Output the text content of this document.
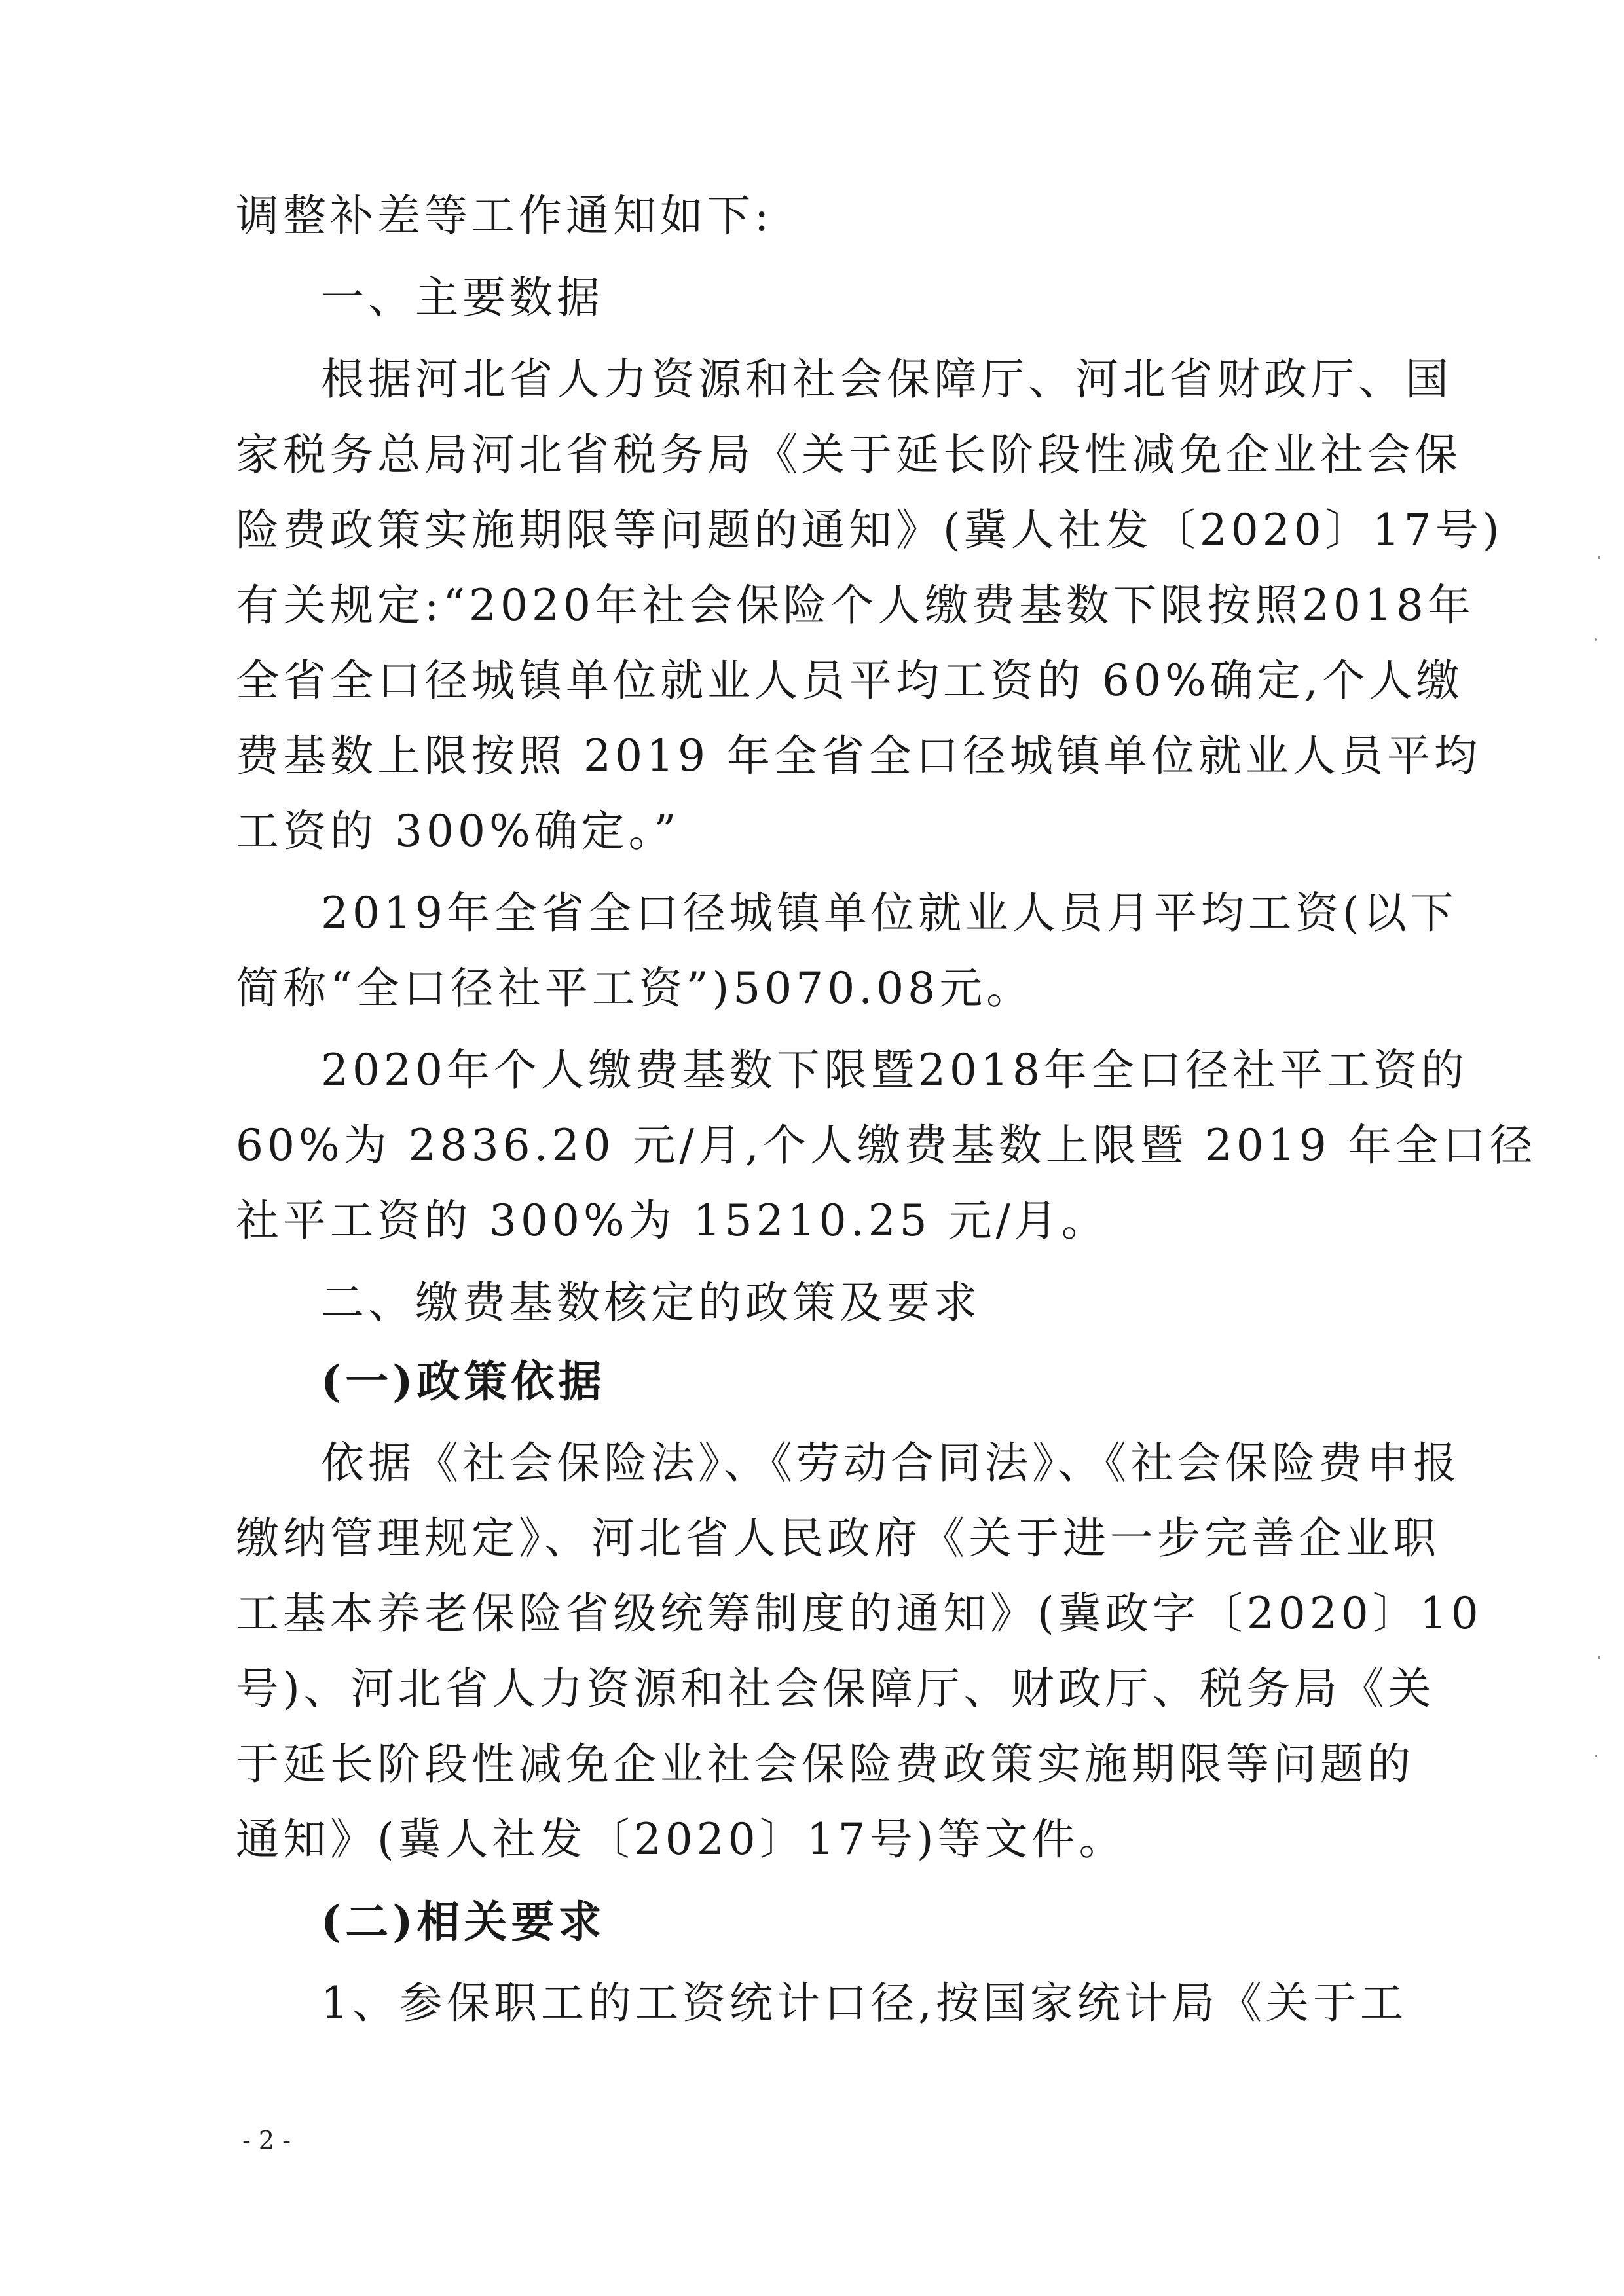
调整补差等工作通知如下:
一、主要数据
根据河北省人力资源和社会保障厅、河北省财政厅、国
家税务总局河北省税务局《关于延长阶段性减免企业社会保
险费政策实施期限等问题的通知》(冀人社发〔2020〕17号)
有关规定:“2020年社会保险个人缴费基数下限按照2018年
全省全口径城镇单位就业人员平均工资的 60%确定,个人缴
费基数上限按照 2019 年全省全口径城镇单位就业人员平均
工资的 300%确定。”
2019年全省全口径城镇单位就业人员月平均工资(以下
简称“全口径社平工资”)5070.08元。
2020年个人缴费基数下限暨2018年全口径社平工资的
60%为 2836.20 元/月,个人缴费基数上限暨 2019 年全口径
社平工资的 300%为 15210.25 元/月。
二、缴费基数核定的政策及要求
(一)政策依据
依据《社会保险法》、《劳动合同法》、《社会保险费申报
缴纳管理规定》、河北省人民政府《关于进一步完善企业职
工基本养老保险省级统筹制度的通知》(冀政字〔2020〕10
号)、河北省人力资源和社会保障厅、财政厅、税务局《关
于延长阶段性减免企业社会保险费政策实施期限等问题的
通知》(冀人社发〔2020〕17号)等文件。
(二)相关要求
1、参保职工的工资统计口径,按国家统计局《关于工
- 2 -
